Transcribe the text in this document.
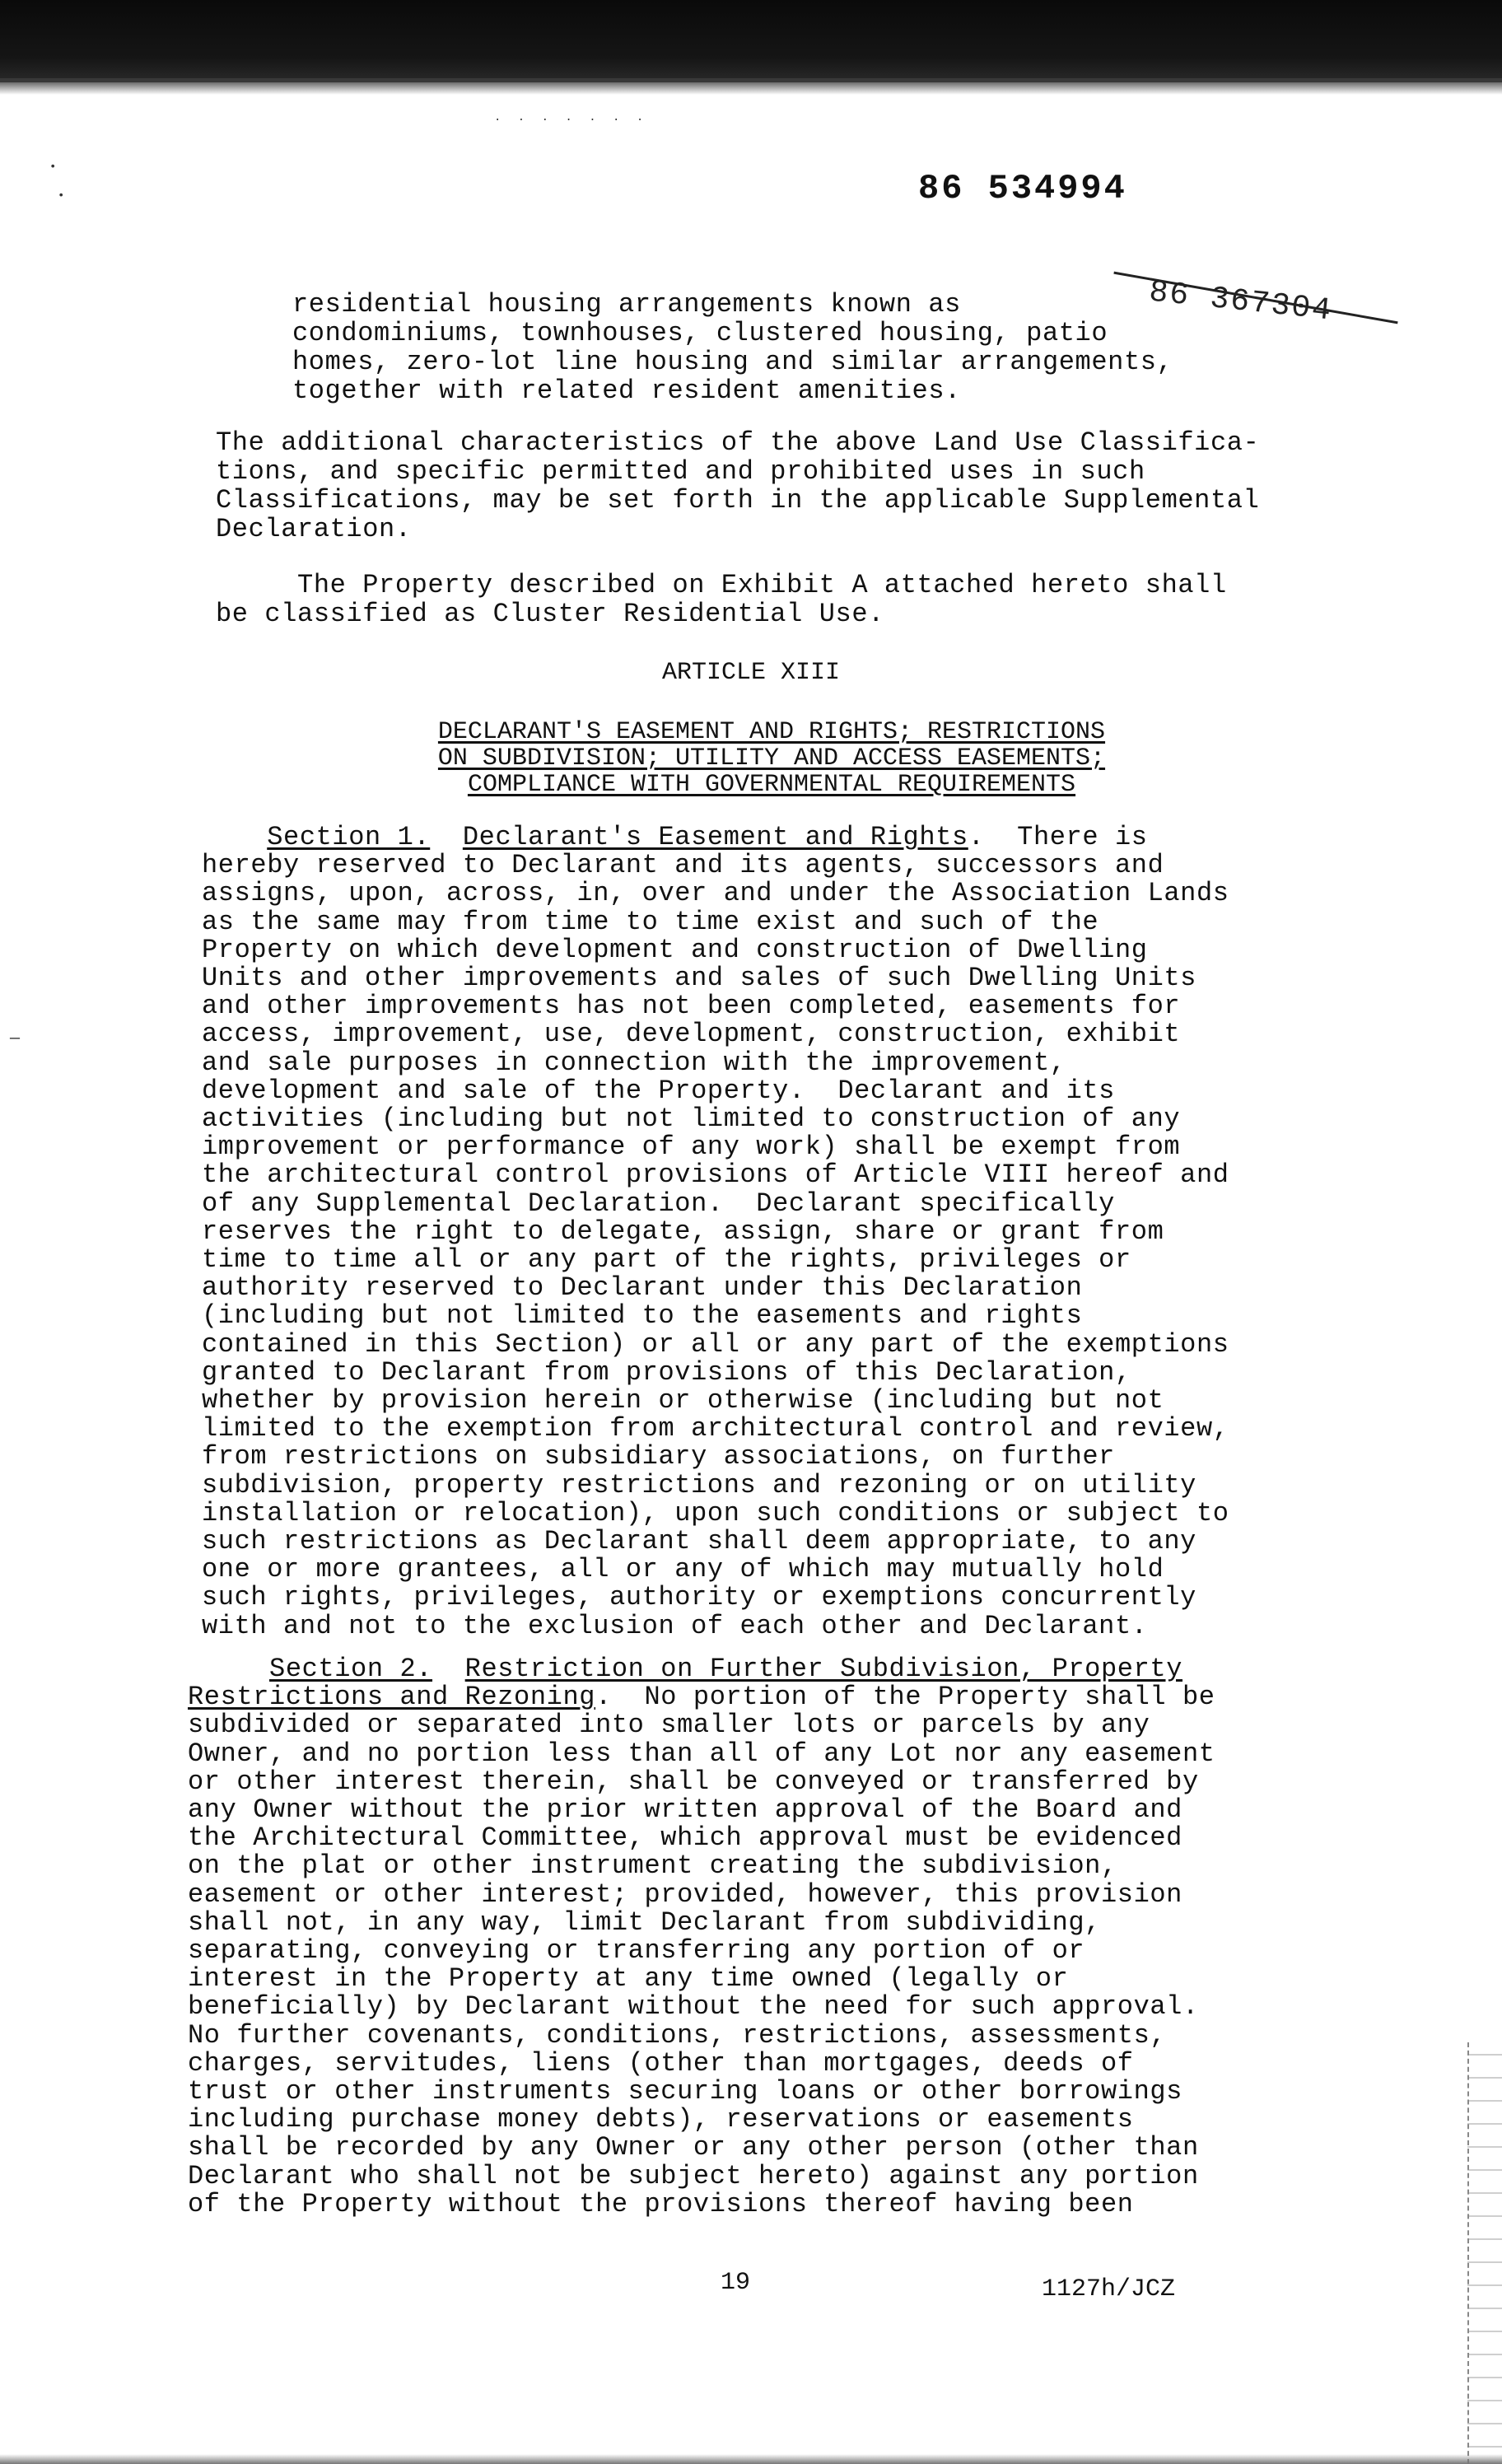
•
•
· · · · · · ·
—
86 534994
86 367304
residential housing arrangements known as
condominiums, townhouses, clustered housing, patio
homes, zero-lot line housing and similar arrangements,
together with related resident amenities.
The additional characteristics of the above Land Use Classifica-
tions, and specific permitted and prohibited uses in such
Classifications, may be set forth in the applicable Supplemental
Declaration.
The Property described on Exhibit A attached hereto shall
be classified as Cluster Residential Use.
ARTICLE XIII
DECLARANT'S EASEMENT AND RIGHTS; RESTRICTIONS
ON SUBDIVISION; UTILITY AND ACCESS EASEMENTS;
COMPLIANCE WITH GOVERNMENTAL REQUIREMENTS
Section 1. Declarant's Easement and Rights.  There is
hereby reserved to Declarant and its agents, successors and
assigns, upon, across, in, over and under the Association Lands
as the same may from time to time exist and such of the
Property on which development and construction of Dwelling
Units and other improvements and sales of such Dwelling Units
and other improvements has not been completed, easements for
access, improvement, use, development, construction, exhibit
and sale purposes in connection with the improvement,
development and sale of the Property.  Declarant and its
activities (including but not limited to construction of any
improvement or performance of any work) shall be exempt from
the architectural control provisions of Article VIII hereof and
of any Supplemental Declaration.  Declarant specifically
reserves the right to delegate, assign, share or grant from
time to time all or any part of the rights, privileges or
authority reserved to Declarant under this Declaration
(including but not limited to the easements and rights
contained in this Section) or all or any part of the exemptions
granted to Declarant from provisions of this Declaration,
whether by provision herein or otherwise (including but not
limited to the exemption from architectural control and review,
from restrictions on subsidiary associations, on further
subdivision, property restrictions and rezoning or on utility
installation or relocation), upon such conditions or subject to
such restrictions as Declarant shall deem appropriate, to any
one or more grantees, all or any of which may mutually hold
such rights, privileges, authority or exemptions concurrently
with and not to the exclusion of each other and Declarant.
Section 2. Restriction on Further Subdivision, Property
Restrictions and Rezoning.  No portion of the Property shall be
subdivided or separated into smaller lots or parcels by any
Owner, and no portion less than all of any Lot nor any easement
or other interest therein, shall be conveyed or transferred by
any Owner without the prior written approval of the Board and
the Architectural Committee, which approval must be evidenced
on the plat or other instrument creating the subdivision,
easement or other interest; provided, however, this provision
shall not, in any way, limit Declarant from subdividing,
separating, conveying or transferring any portion of or
interest in the Property at any time owned (legally or
beneficially) by Declarant without the need for such approval.
No further covenants, conditions, restrictions, assessments,
charges, servitudes, liens (other than mortgages, deeds of
trust or other instruments securing loans or other borrowings
including purchase money debts), reservations or easements
shall be recorded by any Owner or any other person (other than
Declarant who shall not be subject hereto) against any portion
of the Property without the provisions thereof having been
19	1127h/JCZ
